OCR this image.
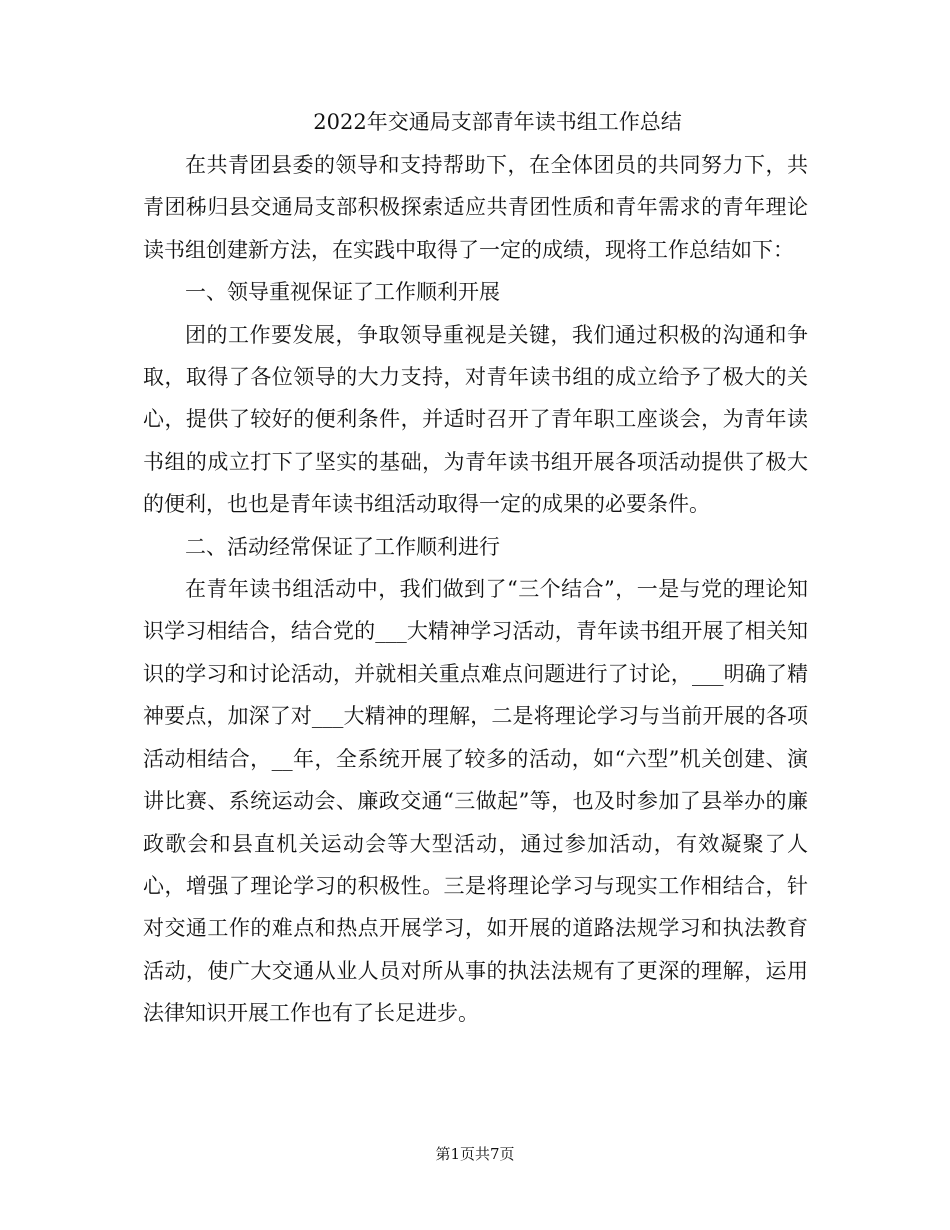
2022年交通局支部青年读书组工作总结

在共青团县委的领导和支持帮助下，在全体团员的共同努力下，共青团秭归县交通局支部积极探索适应共青团性质和青年需求的青年理论读书组创建新方法，在实践中取得了一定的成绩，现将工作总结如下：

一、领导重视保证了工作顺利开展

团的工作要发展，争取领导重视是关键，我们通过积极的沟通和争取，取得了各位领导的大力支持，对青年读书组的成立给予了极大的关心，提供了较好的便利条件，并适时召开了青年职工座谈会，为青年读书组的成立打下了坚实的基础，为青年读书组开展各项活动提供了极大的便利，也也是青年读书组活动取得一定的成果的必要条件。

二、活动经常保证了工作顺利进行

在青年读书组活动中，我们做到了“三个结合”，一是与党的理论知识学习相结合，结合党的___大精神学习活动，青年读书组开展了相关知识的学习和讨论活动，并就相关重点难点问题进行了讨论，___明确了精神要点，加深了对___大精神的理解，二是将理论学习与当前开展的各项活动相结合，__年，全系统开展了较多的活动，如“六型”机关创建、演讲比赛、系统运动会、廉政交通“三做起”等，也及时参加了县举办的廉政歌会和县直机关运动会等大型活动，通过参加活动，有效凝聚了人心，增强了理论学习的积极性。三是将理论学习与现实工作相结合，针对交通工作的难点和热点开展学习，如开展的道路法规学习和执法教育活动，使广大交通从业人员对所从事的执法法规有了更深的理解，运用法律知识开展工作也有了长足进步。

第1页共7页
